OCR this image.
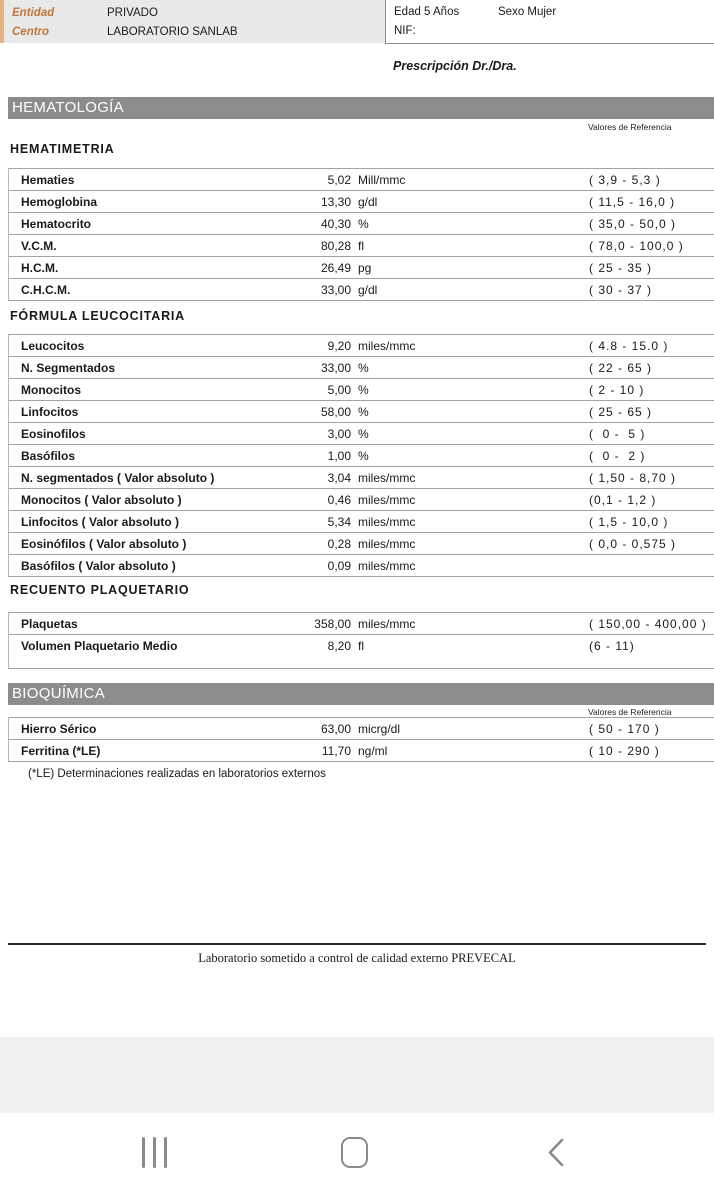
Entidad	PRIVADO
Centro	LABORATORIO SANLAB
Edad 5 Años	Sexo Mujer
NIF:
Prescripción Dr./Dra.
HEMATOLOGÍA
Valores de Referencia
HEMATIMETRIA
Hematies	5,02 Mill/mmc	( 3,9 - 5,3 )
Hemoglobina	13,30 g/dl	( 11,5 - 16,0 )
Hematocrito	40,30 %	( 35,0 - 50,0 )
V.C.M.	80,28 fl	( 78,0 - 100,0 )
H.C.M.	26,49 pg	( 25 - 35 )
C.H.C.M.	33,00 g/dl	( 30 - 37 )
FÓRMULA LEUCOCITARIA
Leucocitos	9,20 miles/mmc	( 4.8 - 15.0 )
N. Segmentados	33,00 %	( 22 - 65 )
Monocitos	5,00 %	( 2 - 10 )
Linfocitos	58,00 %	( 25 - 65 )
Eosinofilos	3,00 %	(  0 -  5 )
Basófilos	1,00 %	(  0 -  2 )
N. segmentados ( Valor absoluto )	3,04 miles/mmc	( 1,50 - 8,70 )
Monocitos ( Valor absoluto )	0,46 miles/mmc	(0,1 - 1,2 )
Linfocitos ( Valor absoluto )	5,34 miles/mmc	( 1,5 - 10,0 )
Eosinófilos ( Valor absoluto )	0,28 miles/mmc	( 0,0 - 0,575 )
Basófilos ( Valor absoluto )	0,09 miles/mmc
RECUENTO PLAQUETARIO
Plaquetas	358,00 miles/mmc	( 150,00 - 400,00 )
Volumen Plaquetario Medio	8,20 fl	(6 - 11)
BIOQUÍMICA
Valores de Referencia
Hierro Sérico	63,00 micrg/dl	( 50 - 170 )
Ferritina (*LE)	11,70 ng/ml	( 10 - 290 )
(*LE) Determinaciones realizadas en laboratorios externos
Laboratorio sometido a control de calidad externo PREVECAL
